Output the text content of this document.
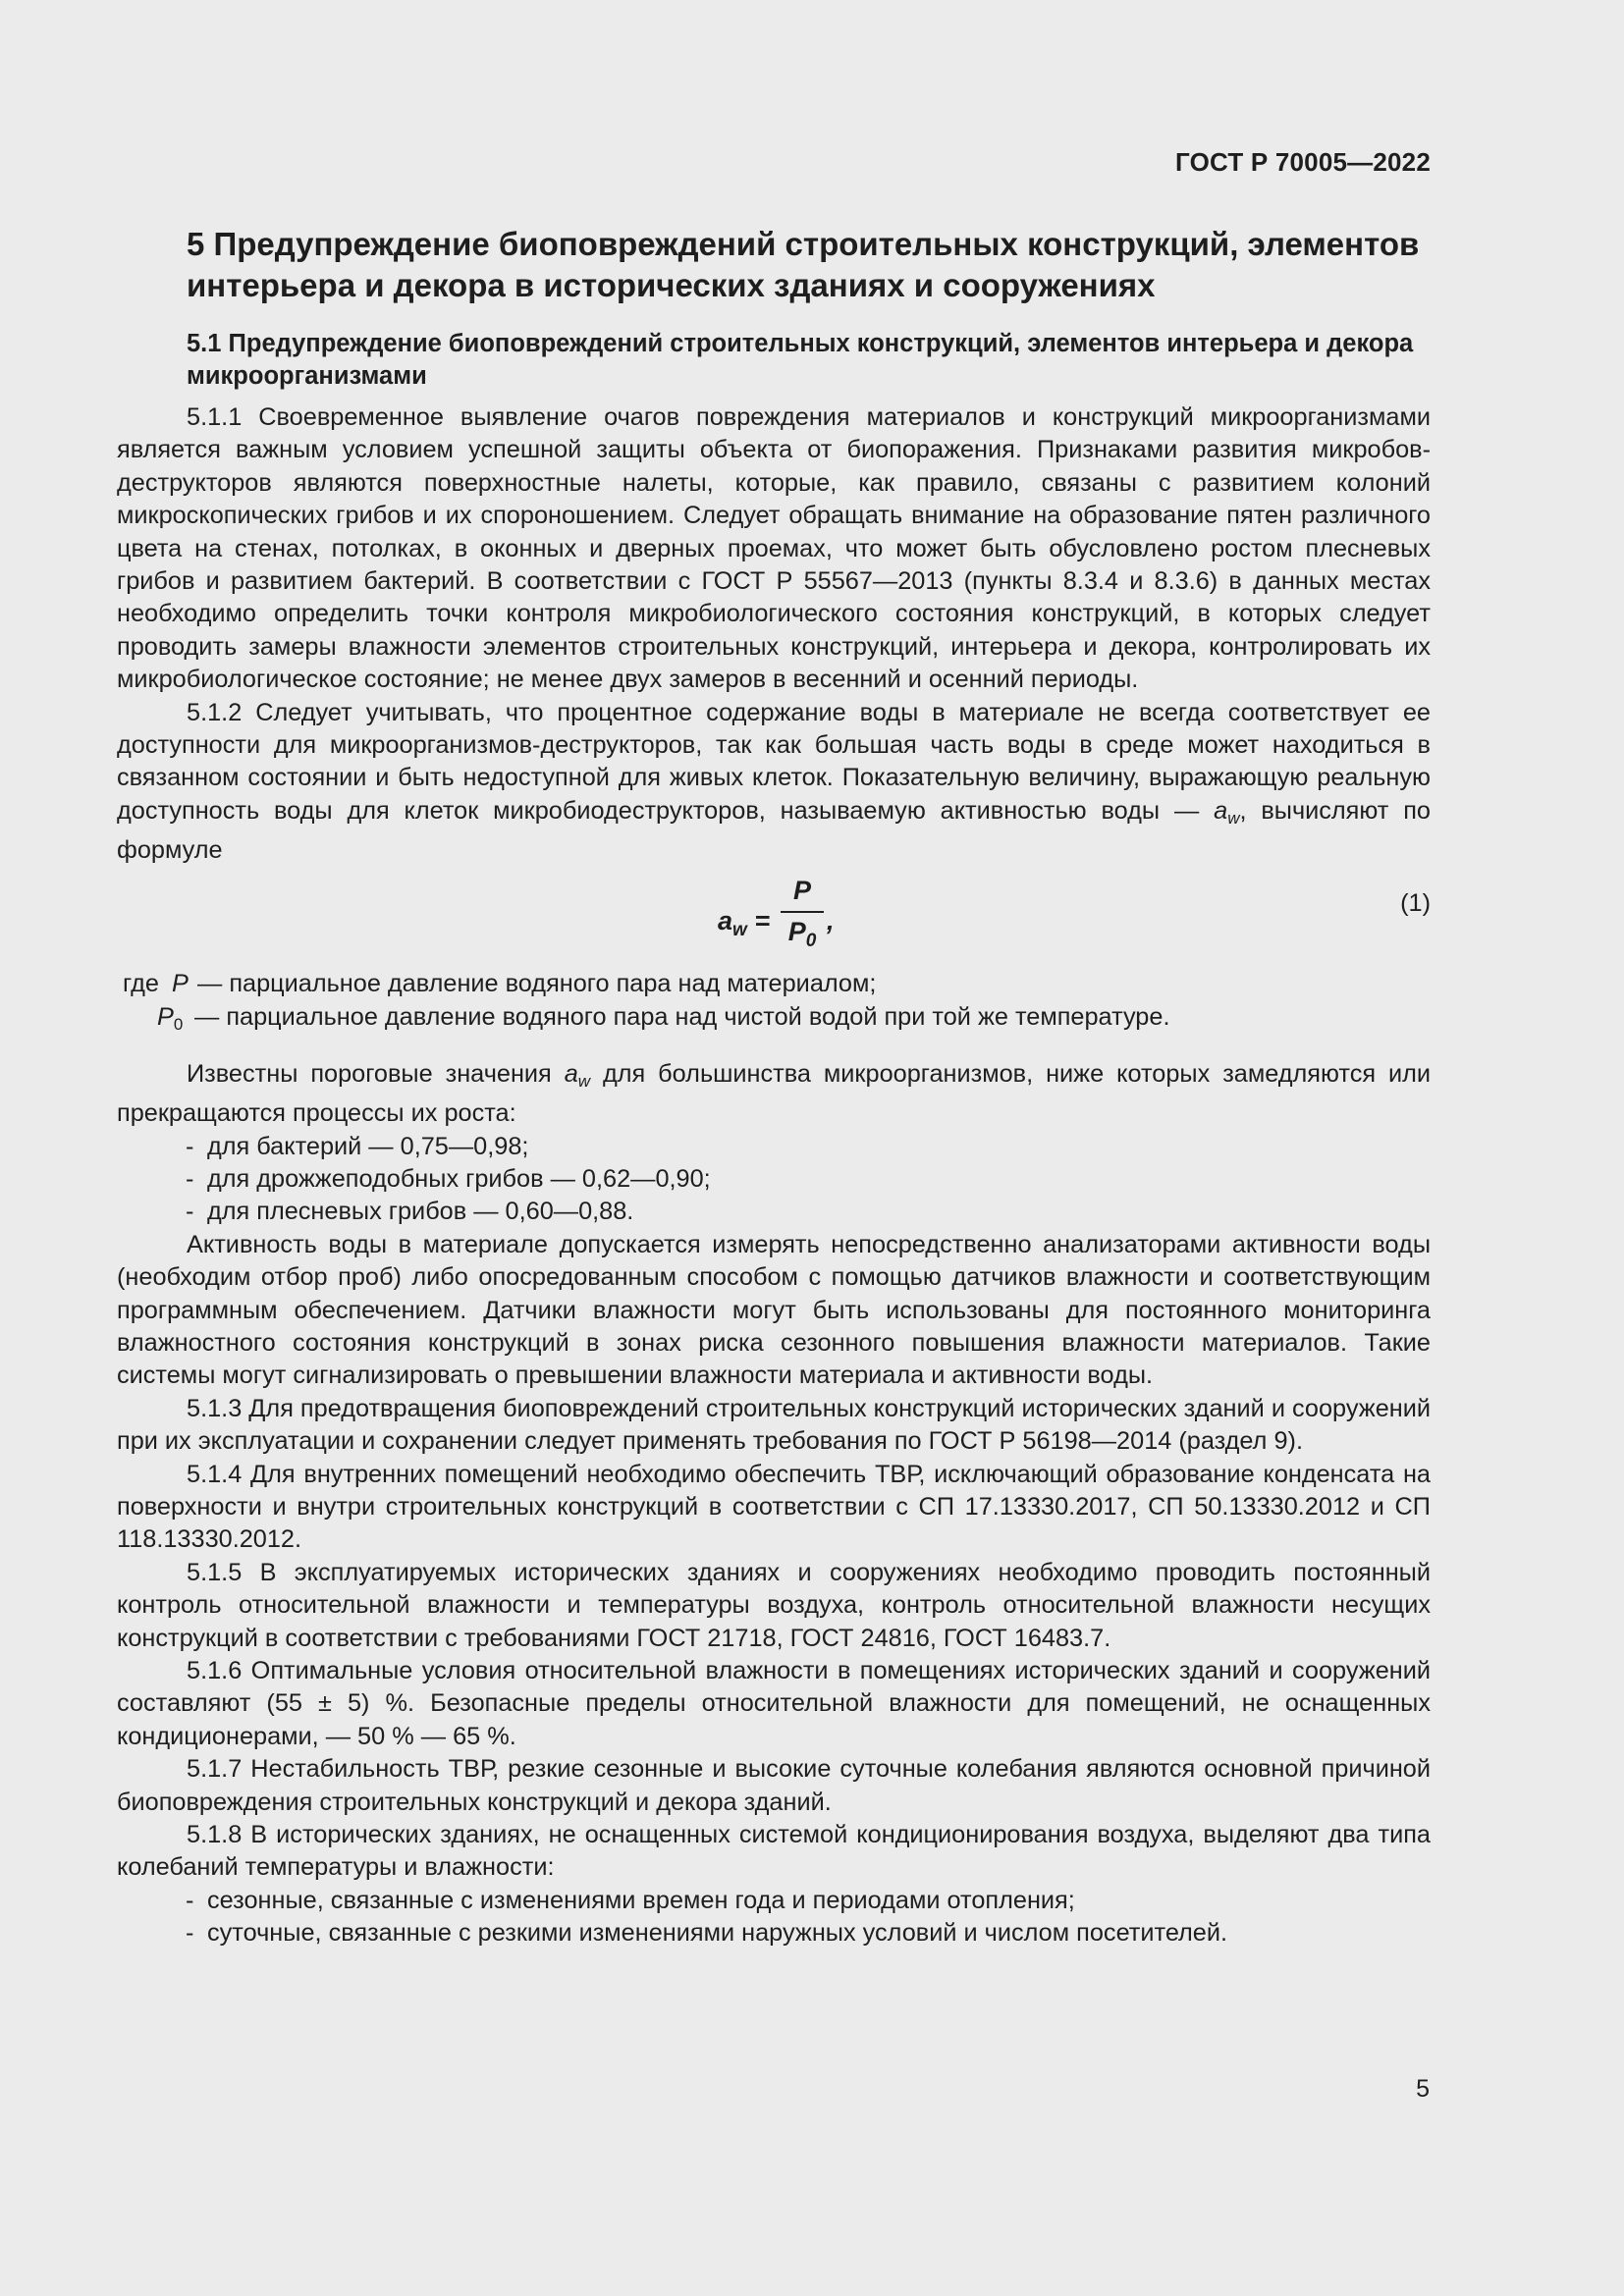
ГОСТ Р 70005—2022
5 Предупреждение биоповреждений строительных конструкций, элементов интерьера и декора в исторических зданиях и сооружениях
5.1 Предупреждение биоповреждений строительных конструкций, элементов интерьера и декора микроорганизмами

5.1.1 Своевременное выявление очагов повреждения материалов и конструкций микроорганизмами является важным условием успешной защиты объекта от биопоражения. Признаками развития микробов-деструкторов являются поверхностные налеты, которые, как правило, связаны с развитием колоний микроскопических грибов и их спороношением. Следует обращать внимание на образование пятен различного цвета на стенах, потолках, в оконных и дверных проемах, что может быть обусловлено ростом плесневых грибов и развитием бактерий. В соответствии с ГОСТ Р 55567—2013 (пункты 8.3.4 и 8.3.6) в данных местах необходимо определить точки контроля микробиологического состояния конструкций, в которых следует проводить замеры влажности элементов строительных конструкций, интерьера и декора, контролировать их микробиологическое состояние; не менее двух замеров в весенний и осенний периоды.

5.1.2 Следует учитывать, что процентное содержание воды в материале не всегда соответствует ее доступности для микроорганизмов-деструкторов, так как большая часть воды в среде может находиться в связанном состоянии и быть недоступной для живых клеток. Показательную величину, выражающую реальную доступность воды для клеток микробиодеструкторов, называемую активностью воды — $a_w$, вычисляют по формуле

$a_w$ =
P
$P_0$
,
(1)
где P — парциальное давление водяного пара над материалом;
$P_0$ — парциальное давление водяного пара над чистой водой при той же температуре.

Известны пороговые значения $a_w$ для большинства микроорганизмов, ниже которых замедляются или прекращаются процессы их роста:

- для бактерий — 0,75—0,98;
- для дрожжеподобных грибов — 0,62—0,90;
- для плесневых грибов — 0,60—0,88.

Активность воды в материале допускается измерять непосредственно анализаторами активности воды (необходим отбор проб) либо опосредованным способом с помощью датчиков влажности и соответствующим программным обеспечением. Датчики влажности могут быть использованы для постоянного мониторинга влажностного состояния конструкций в зонах риска сезонного повышения влажности материалов. Такие системы могут сигнализировать о превышении влажности материала и активности воды.

5.1.3 Для предотвращения биоповреждений строительных конструкций исторических зданий и сооружений при их эксплуатации и сохранении следует применять требования по ГОСТ Р 56198—2014 (раздел 9).

5.1.4 Для внутренних помещений необходимо обеспечить ТВР, исключающий образование конденсата на поверхности и внутри строительных конструкций в соответствии с СП 17.13330.2017, СП 50.13330.2012 и СП 118.13330.2012.

5.1.5 В эксплуатируемых исторических зданиях и сооружениях необходимо проводить постоянный контроль относительной влажности и температуры воздуха, контроль относительной влажности несущих конструкций в соответствии с требованиями ГОСТ 21718, ГОСТ 24816, ГОСТ 16483.7.

5.1.6 Оптимальные условия относительной влажности в помещениях исторических зданий и сооружений составляют (55 ± 5) %. Безопасные пределы относительной влажности для помещений, не оснащенных кондиционерами, — 50 % — 65 %.

5.1.7 Нестабильность ТВР, резкие сезонные и высокие суточные колебания являются основной причиной биоповреждения строительных конструкций и декора зданий.

5.1.8 В исторических зданиях, не оснащенных системой кондиционирования воздуха, выделяют два типа колебаний температуры и влажности:

- сезонные, связанные с изменениями времен года и периодами отопления;
- суточные, связанные с резкими изменениями наружных условий и числом посетителей.
5
